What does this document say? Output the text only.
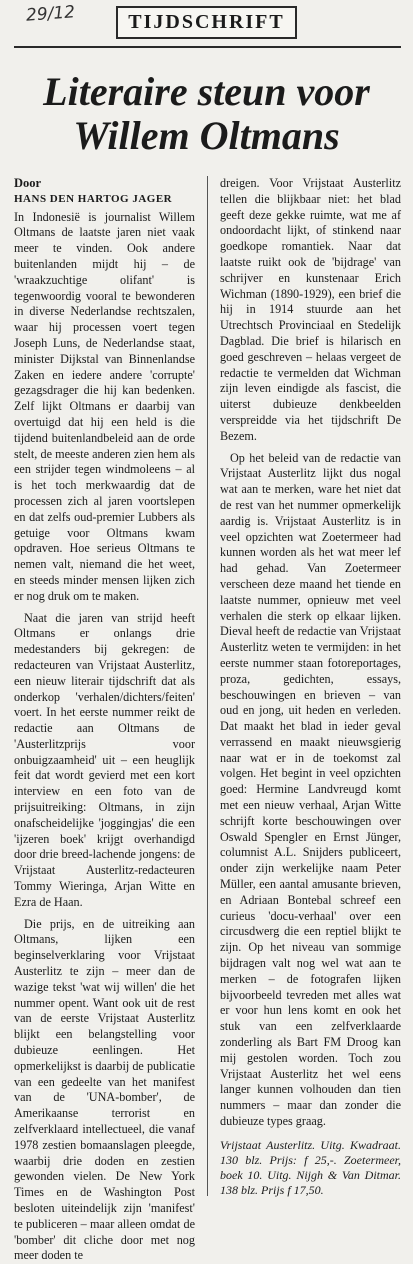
29/12	TIJDSCHRIFT
Literaire steun voor
Willem Oltmans
Door
HANS DEN HARTOG JAGER

In Indonesië is journalist Willem Oltmans de laatste jaren niet vaak meer te vinden. Ook andere buitenlanden mijdt hij – de 'wraakzuchtige olifant' is tegenwoordig vooral te bewonderen in diverse Nederlandse rechtszalen, waar hij processen voert tegen Joseph Luns, de Nederlandse staat, minister Dijkstal van Binnenlandse Zaken en iedere andere 'corrupte' gezagsdrager die hij kan bedenken. Zelf lijkt Oltmans er daarbij van overtuigd dat hij een held is die tijdend buitenlandbeleid aan de orde stelt, de meeste anderen zien hem als een strijder tegen windmoleens – al is het toch merkwaardig dat de processen zich al jaren voortslepen en dat zelfs oud-premier Lubbers als getuige voor Oltmans kwam opdraven. Hoe serieus Oltmans te nemen valt, niemand die het weet, en steeds minder mensen lijken zich er nog druk om te maken.

Naat die jaren van strijd heeft Oltmans er onlangs drie medestanders bij gekregen: de redacteuren van Vrijstaat Austerlitz, een nieuw literair tijdschrift dat als onderkop 'verhalen/dichters/feiten' voert. In het eerste nummer reikt de redactie aan Oltmans de 'Austerlitzprijs voor onbuigzaamheid' uit – een heuglijk feit dat wordt gevierd met een kort interview en een foto van de prijsuitreiking: Oltmans, in zijn onafscheidelijke 'joggingjas' die een 'ijzeren boek' krijgt overhandigd door drie breed-lachende jongens: de Vrijstaat Austerlitz-redacteuren Tommy Wieringa, Arjan Witte en Ezra de Haan.

Die prijs, en de uitreiking aan Oltmans, lijken een beginselverklaring voor Vrijstaat Austerlitz te zijn – meer dan de wazige tekst 'wat wij willen' die het nummer opent. Want ook uit de rest van de eerste Vrijstaat Austerlitz blijkt een belangstelling voor dubieuze eenlingen. Het opmerkelijkst is daarbij de publicatie van een gedeelte van het manifest van de 'UNA-bomber', de Amerikaanse terrorist en zelfverklaard intellectueel, die vanaf 1978 zestien bomaanslagen pleegde, waarbij drie doden en zestien gewonden vielen. De New York Times en de Washington Post besloten uiteindelijk zijn 'manifest' te publiceren – maar alleen omdat de 'bomber' dit cliche door met nog meer doden te

dreigen. Voor Vrijstaat Austerlitz tellen die blijkbaar niet: het blad geeft deze gekke ruimte, wat me af ondoordacht lijkt, of stinkend naar goedkope romantiek. Naar dat laatste ruikt ook de 'bijdrage' van schrijver en kunstenaar Erich Wichman (1890-1929), een brief die hij in 1914 stuurde aan het Utrechtsch Provinciaal en Stedelijk Dagblad. Die brief is hilarisch en goed geschreven – helaas vergeet de redactie te vermelden dat Wichman zijn leven eindigde als fascist, die uiterst dubieuze denkbeelden verspreidde via het tijdschrift De Bezem.

Op het beleid van de redactie van Vrijstaat Austerlitz lijkt dus nogal wat aan te merken, ware het niet dat de rest van het nummer opmerkelijk aardig is. Vrijstaat Austerlitz is in veel opzichten wat Zoetermeer had kunnen worden als het wat meer lef had gehad. Van Zoetermeer verscheen deze maand het tiende en laatste nummer, opnieuw met veel verhalen die sterk op elkaar lijken. Dieval heeft de redactie van Vrijstaat Austerlitz weten te vermijden: in het eerste nummer staan fotoreportages, proza, gedichten, essays, beschouwingen en brieven – van oud en jong, uit heden en verleden. Dat maakt het blad in ieder geval verrassend en maakt nieuwsgierig naar wat er in de toekomst zal volgen. Het begint in veel opzichten goed: Hermine Landvreugd komt met een nieuw verhaal, Arjan Witte schrijft korte beschouwingen over Oswald Spengler en Ernst Jünger, columnist A.L. Snijders publiceert, onder zijn werkelijke naam Peter Müller, een aantal amusante brieven, en Adriaan Bontebal schreef een curieus 'docu-verhaal' over een circusdwerg die een reptiel blijkt te zijn. Op het niveau van sommige bijdragen valt nog wel wat aan te merken – de fotografen lijken bijvoorbeeld tevreden met alles wat er voor hun lens komt en ook het stuk van een zelfverklaarde zonderling als Bart FM Droog kan mij gestolen worden. Toch zou Vrijstaat Austerlitz het wel eens langer kunnen volhouden dan tien nummers – maar dan zonder die dubieuze types graag.

Vrijstaat Austerlitz. Uitg. Kwadraat. 130 blz. Prijs: f 25,-. Zoetermeer, boek 10. Uitg. Nijgh & Van Ditmar. 138 blz. Prijs f 17,50.
